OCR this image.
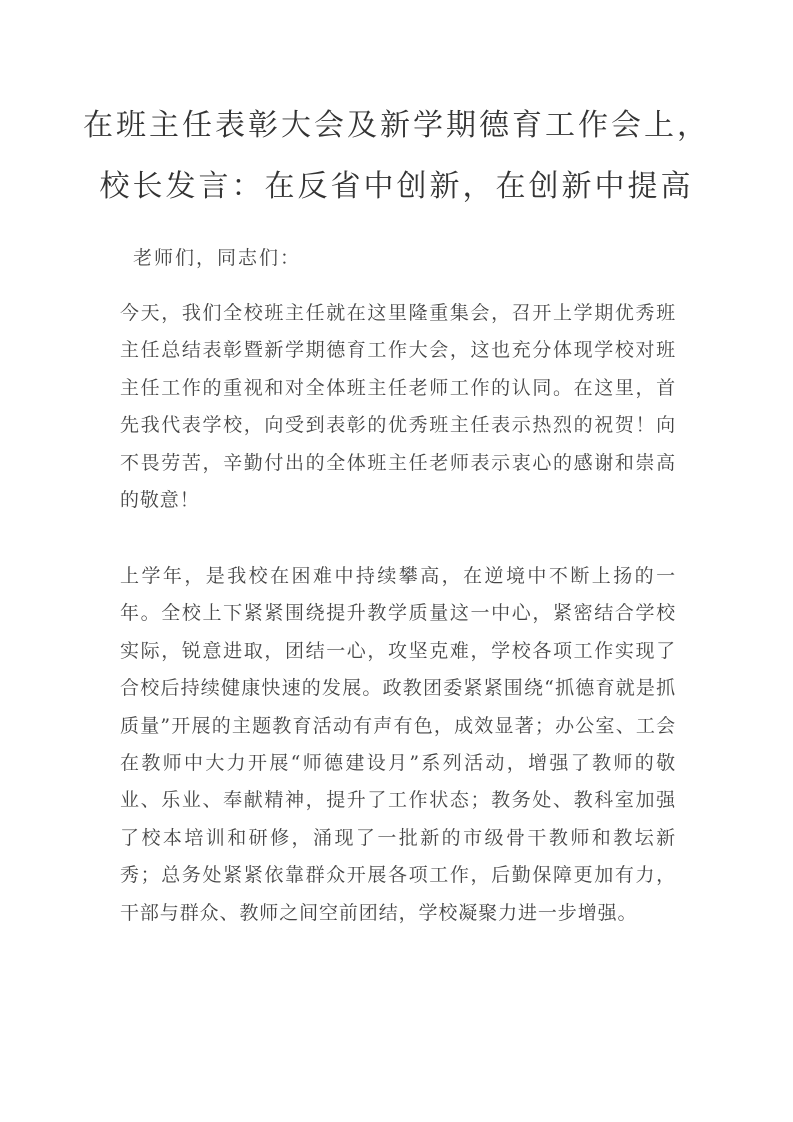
在班主任表彰大会及新学期德育工作会上，
校长发言：在反省中创新，在创新中提高

老师们，同志们：

今天，我们全校班主任就在这里隆重集会，召开上学期优秀班主任总结表彰暨新学期德育工作大会，这也充分体现学校对班主任工作的重视和对全体班主任老师工作的认同。在这里，首先我代表学校，向受到表彰的优秀班主任表示热烈的祝贺！向不畏劳苦，辛勤付出的全体班主任老师表示衷心的感谢和崇高的敬意！

上学年，是我校在困难中持续攀高，在逆境中不断上扬的一年。全校上下紧紧围绕提升教学质量这一中心，紧密结合学校实际，锐意进取，团结一心，攻坚克难，学校各项工作实现了合校后持续健康快速的发展。政教团委紧紧围绕“抓德育就是抓质量”开展的主题教育活动有声有色，成效显著；办公室、工会在教师中大力开展“师德建设月”系列活动，增强了教师的敬业、乐业、奉献精神，提升了工作状态；教务处、教科室加强了校本培训和研修，涌现了一批新的市级骨干教师和教坛新秀；总务处紧紧依靠群众开展各项工作，后勤保障更加有力，干部与群众、教师之间空前团结，学校凝聚力进一步增强。
